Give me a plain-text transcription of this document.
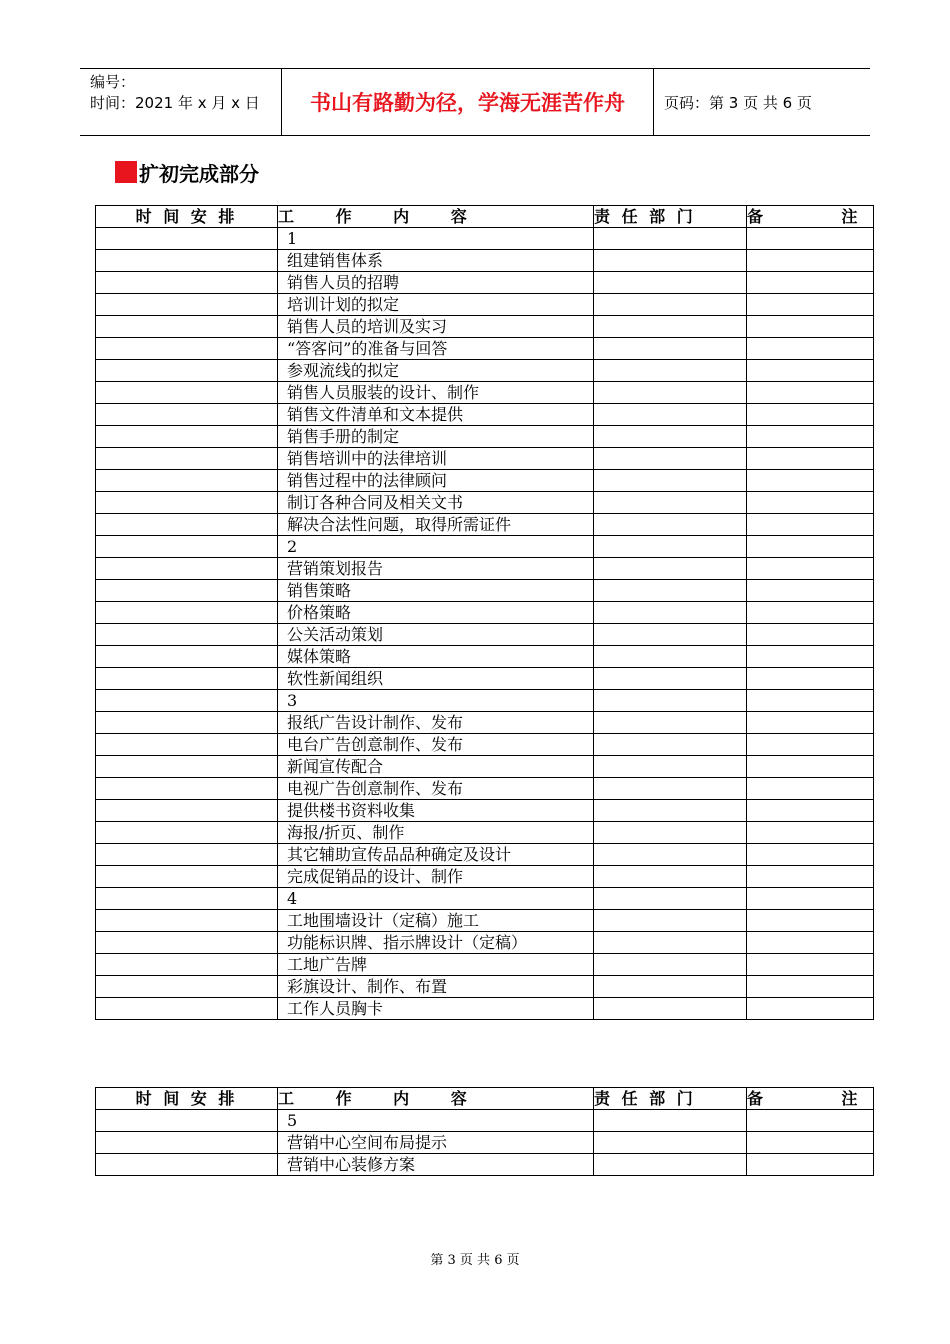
编号：
时间：2021 年 x 月 x 日	书山有路勤为径，学海无涯苦作舟	页码：第 3 页 共 6 页
扩初完成部分
时 间 安 排	工 作 内 容	责 任 部 门	备 注

	1		
	组建销售体系		
	销售人员的招聘		
	培训计划的拟定		
	销售人员的培训及实习		
	“答客问”的准备与回答		
	参观流线的拟定		
	销售人员服装的设计、制作		
	销售文件清单和文本提供		
	销售手册的制定		
	销售培训中的法律培训		
	销售过程中的法律顾问		
	制订各种合同及相关文书		
	解决合法性问题，取得所需证件		
	2		
	营销策划报告		
	销售策略		
	价格策略		
	公关活动策划		
	媒体策略		
	软性新闻组织		
	3		
	报纸广告设计制作、发布		
	电台广告创意制作、发布		
	新闻宣传配合		
	电视广告创意制作、发布		
	提供楼书资料收集		
	海报/折页、制作		
	其它辅助宣传品品种确定及设计		
	完成促销品的设计、制作		
	4		
	工地围墙设计（定稿）施工		
	功能标识牌、指示牌设计（定稿）		
	工地广告牌		
	彩旗设计、制作、布置		
	工作人员胸卡		
时 间 安 排	工 作 内 容	责 任 部 门	备 注

	5		
	营销中心空间布局提示		
	营销中心装修方案		
第 3 页 共 6 页
